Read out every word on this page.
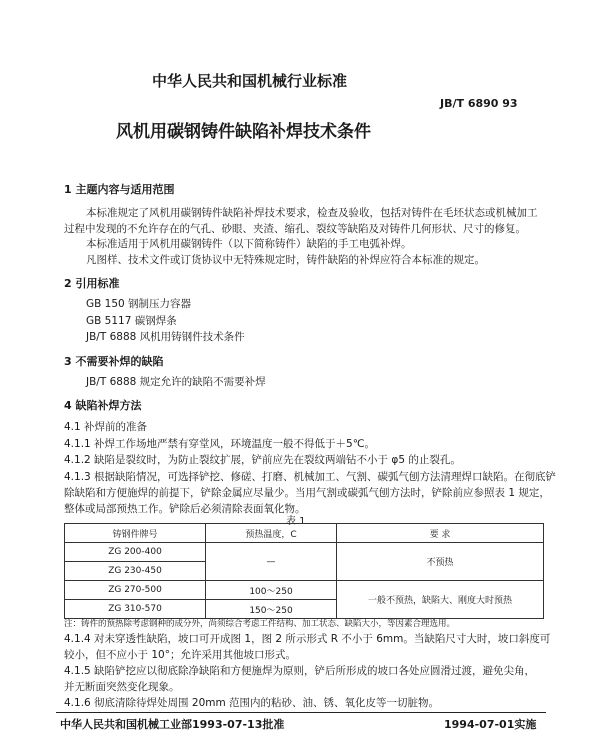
中华人民共和国机械行业标准
JB/T 6890 93
风机用碳钢铸件缺陷补焊技术条件
1 主题内容与适用范围
本标准规定了风机用碳钢铸件缺陷补焊技术要求，检查及验收，包括对铸件在毛坯状态或机械加工
过程中发现的不允许存在的气孔、砂眼、夹渣、缩孔、裂纹等缺陷及对铸件几何形状、尺寸的修复。
本标准适用于风机用碳钢铸件（以下简称铸件）缺陷的手工电弧补焊。
凡图样、技术文件或订货协议中无特殊规定时，铸件缺陷的补焊应符合本标准的规定。
2 引用标准
GB 150 钢制压力容器
GB 5117 碳钢焊条
JB/T 6888 风机用铸钢件技术条件
3 不需要补焊的缺陷
JB/T 6888 规定允许的缺陷不需要补焊
4 缺陷补焊方法
4.1 补焊前的准备
4.1.1 补焊工作场地严禁有穿堂风，环境温度一般不得低于＋5℃。
4.1.2 缺陷是裂纹时，为防止裂纹扩展，铲前应先在裂纹两端钻不小于 φ5 的止裂孔。
4.1.3 根据缺陷情况，可选择铲挖、修磋、打磨、机械加工、气割、碳弧气刨方法清理焊口缺陷。在彻底铲
除缺陷和方便施焊的前提下，铲除金属应尽量少。当用气割或碳弧气刨方法时，铲除前应参照表 1 规定，
整体或局部预热工作。铲除后必须清除表面氧化物。
表 1
铸钢件牌号	预热温度，C	要 求
ZG 200-400	—	不预热
ZG 230-450		
ZG 270-500	100～250	一般不预热，缺陷大、刚度大时预热
ZG 310-570	150～250	
注：铸件的预热除考虑钢种的成分外，尚须综合考虑工件结构、加工状态、缺陷大小，等因素合理选用。
4.1.4 对未穿透性缺陷，坡口可开成图 1，图 2 所示形式 R 不小于 6mm。当缺陷尺寸大时，坡口斜度可
较小，但不应小于 10°；允许采用其他坡口形式。
4.1.5 缺陷铲挖应以彻底除净缺陷和方便施焊为原则，铲后所形成的坡口各处应圆滑过渡，避免尖角，
并无断面突然变化现象。
4.1.6 彻底清除待焊处周围 20mm 范围内的粘砂、油、锈、氧化皮等一切脏物。
中华人民共和国机械工业部1993-07-13批准	1994-07-01实施
